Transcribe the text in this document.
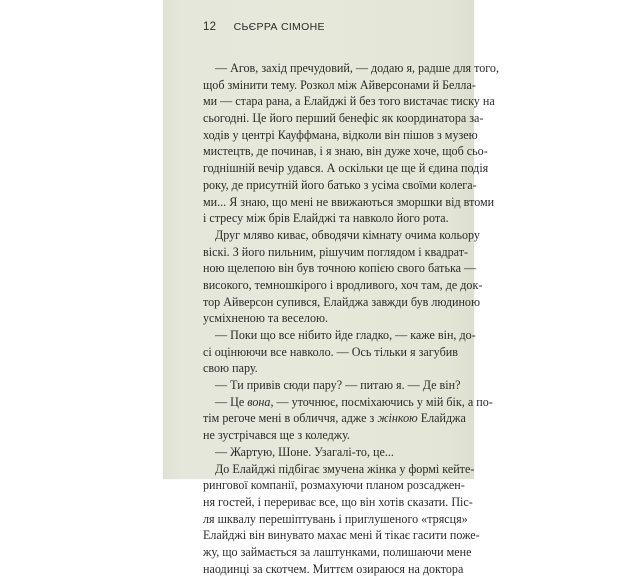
12 СЬЄРРА СІМОНЕ
— Агов, захід пречудовий, — додаю я, радше для того,
щоб змінити тему. Розкол між Айверсонами й Белла-
ми — стара рана, а Елайджі й без того вистачає тиску на
сьогодні. Це його перший бенефіс як координатора за-
ходів у центрі Кауффмана, відколи він пішов з музею
мистецтв, де починав, і я знаю, він дуже хоче, щоб сьо-
годнішній вечір удався. А оскільки це ще й єдина подія
року, де присутній його батько з усіма своїми колега-
ми... Я знаю, що мені не ввижаються зморшки від втоми
і стресу між брів Елайджі та навколо його рота.
Друг мляво киває, обводячи кімнату очима кольору
віскі. З його пильним, рішучим поглядом і квадрат-
ною щелепою він був точною копією свого батька —
високого, темношкірого і вродливого, хоч там, де док-
тор Айверсон супився, Елайджа завжди був людиною
усміхненою та веселою.
— Поки що все нібито йде гладко, — каже він, до-
сі оцінюючи все навколо. — Ось тільки я загубив
свою пару.
— Ти привів сюди пару? — питаю я. — Де він?
— Це вона, — уточнює, посміхаючись у мій бік, а по-
тім регоче мені в обличчя, адже з жінкою Елайджа
не зустрічався ще з коледжу.
— Жартую, Шоне. Узагалі-то, це...
До Елайджі підбігає змучена жінка у формі кейте-
рингової компанії, розмахуючи планом розсаджен-
ня гостей, і перериває все, що він хотів сказати. Піс-
ля шквалу перешіптувань і приглушеного «трясця»
Елайджі він винувато махає мені й тікає гасити поже-
жу, що займається за лаштунками, полишаючи мене
наодинці за скотчем. Миттєм озираюся на доктора
